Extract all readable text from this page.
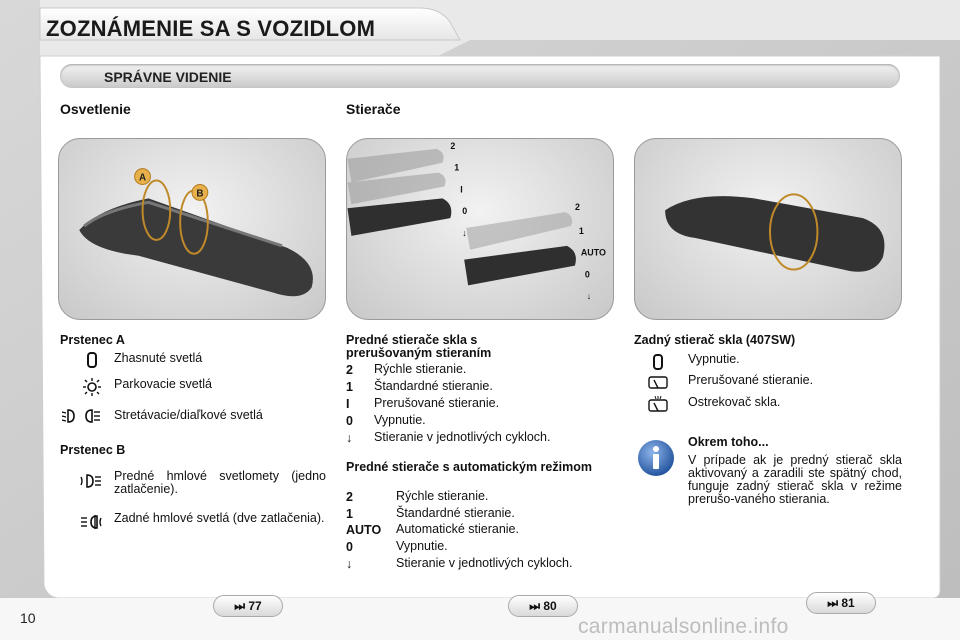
ZOZNÁMENIE SA S VOZIDLOM
SPRÁVNE VIDENIE
Osvetlenie	Stierače
A
B
2
1
I
0
↓
2
1
AUTO
0
↓
Prstenec A
Zhasnuté svetlá
Parkovacie svetlá
Stretávacie/diaľkové svetlá
Prstenec B
Predné hmlové svetlomety (jedno zatlačenie).
Zadné hmlové svetlá (dve zatlačenia).
Predné stierače skla s prerušovaným stieraním
2 Rýchle stieranie.
1 Štandardné stieranie.
I Prerušované stieranie.
0 Vypnutie.
↓ Stieranie v jednotlivých cykloch.
Predné stierače s automatickým režimom
2	Rýchle stieranie.
1	Štandardné stieranie.
AUTO Automatické stieranie.
0	Vypnutie.
↓	Stieranie v jednotlivých cykloch.
Zadný stierač skla (407SW)
Vypnutie.
Prerušované stieranie.
Ostrekovač skla.
Okrem toho...
V prípade ak je predný stierač skla aktivovaný a zaradili ste spätný chod, funguje zadný stierač skla v režime prerušo-vaného stierania.
⏭ 77	⏭ 80	⏭ 81
10	carmanualsonline.info
